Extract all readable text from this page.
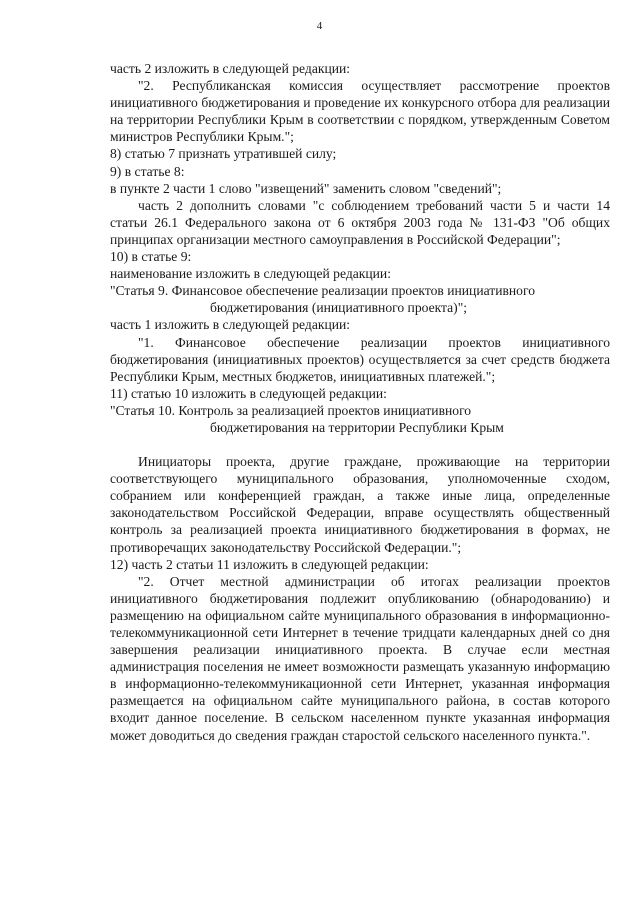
4

часть 2 изложить в следующей редакции:

"2. Республиканская комиссия осуществляет рассмотрение проектов инициативного бюджетирования и проведение их конкурсного отбора для реализации на территории Республики Крым в соответствии с порядком, утвержденным Советом министров Республики Крым.";

8) статью 7 признать утратившей силу;

9) в статье 8:

в пункте 2 части 1 слово "извещений" заменить словом "сведений";

часть 2 дополнить словами "с соблюдением требований части 5 и части 14 статьи 26.1 Федерального закона от 6 октября 2003 года № 131-ФЗ "Об общих принципах организации местного самоуправления в Российской Федерации";

10) в статье 9:

наименование изложить в следующей редакции:

"Статья 9. Финансовое обеспечение реализации проектов инициативного

бюджетирования (инициативного проекта)";

часть 1 изложить в следующей редакции:

"1. Финансовое обеспечение реализации проектов инициативного бюджетирования (инициативных проектов) осуществляется за счет средств бюджета Республики Крым, местных бюджетов, инициативных платежей.";

11) статью 10 изложить в следующей редакции:

"Статья 10. Контроль за реализацией проектов инициативного

бюджетирования на территории Республики Крым

Инициаторы проекта, другие граждане, проживающие на территории соответствующего муниципального образования, уполномоченные сходом, собранием или конференцией граждан, а также иные лица, определенные законодательством Российской Федерации, вправе осуществлять общественный контроль за реализацией проекта инициативного бюджетирования в формах, не противоречащих законодательству Российской Федерации.";

12) часть 2 статьи 11 изложить в следующей редакции:

"2. Отчет местной администрации об итогах реализации проектов инициативного бюджетирования подлежит опубликованию (обнародованию) и размещению на официальном сайте муниципального образования в информационно-телекоммуникационной сети Интернет в течение тридцати календарных дней со дня завершения реализации инициативного проекта. В случае если местная администрация поселения не имеет возможности размещать указанную информацию в информационно-телекоммуникационной сети Интернет, указанная информация размещается на официальном сайте муниципального района, в состав которого входит данное поселение. В сельском населенном пункте указанная информация может доводиться до сведения граждан старостой сельского населенного пункта.".
